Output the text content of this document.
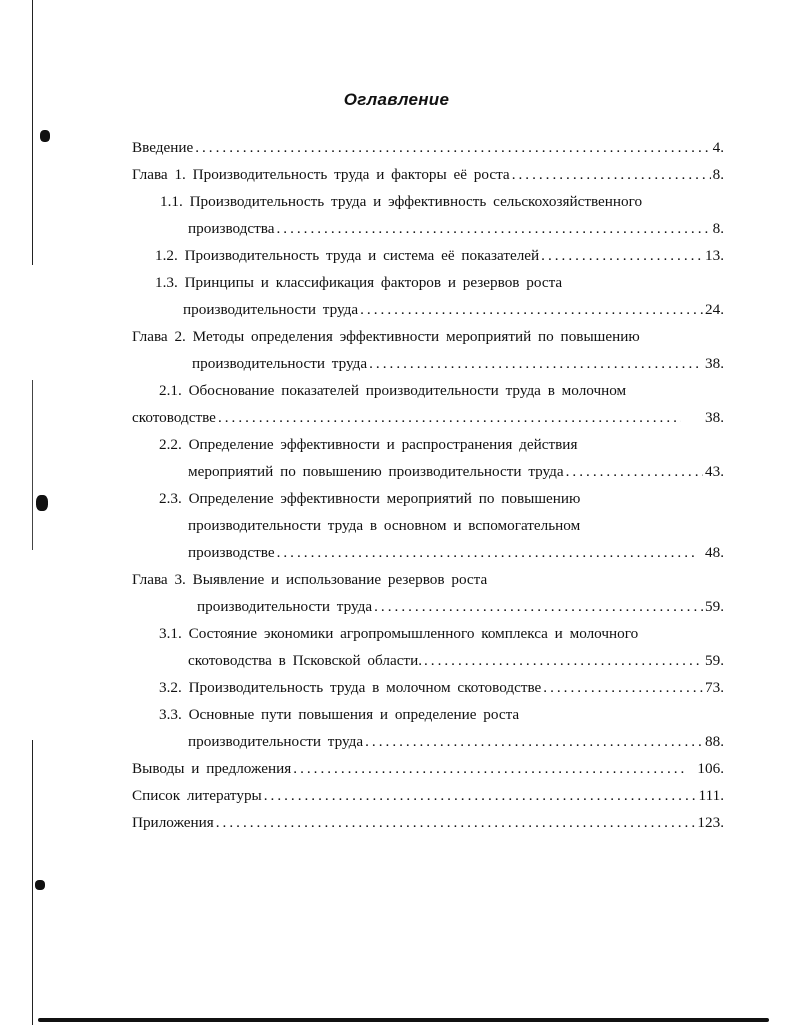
Оглавление
Введение . . .	4.
Глава 1. Производительность труда и факторы её роста . . .	8.
1.1. Производительность труда и эффективность сельскохозяйственного
производства . . .	8.
1.2. Производительность труда и система её показателей . . .	13.
1.3. Принципы и классификация факторов и резервов роста
производительности труда . . .	24.
Глава 2. Методы определения эффективности мероприятий по повышению
производительности труда . . .	38.
2.1. Обоснование показателей производительности труда в молочном
скотоводстве . . .	38.
2.2. Определение эффективности и распространения действия
мероприятий по повышению производительности труда . . .	43.
2.3. Определение эффективности мероприятий по повышению
производительности труда в основном и вспомогательном
производстве . . .	48.
Глава 3. Выявление и использование резервов роста
производительности труда . . .	59.
3.1. Состояние экономики агропромышленного комплекса и молочного
скотоводства в Псковской области. . . .	59.
3.2. Производительность труда в молочном скотоводстве . . .	73.
3.3. Основные пути повышения и определение роста
производительности труда . . .	88.
Выводы и предложения . . .	106.
Список литературы . . .	111.
Приложения . . .	123.
